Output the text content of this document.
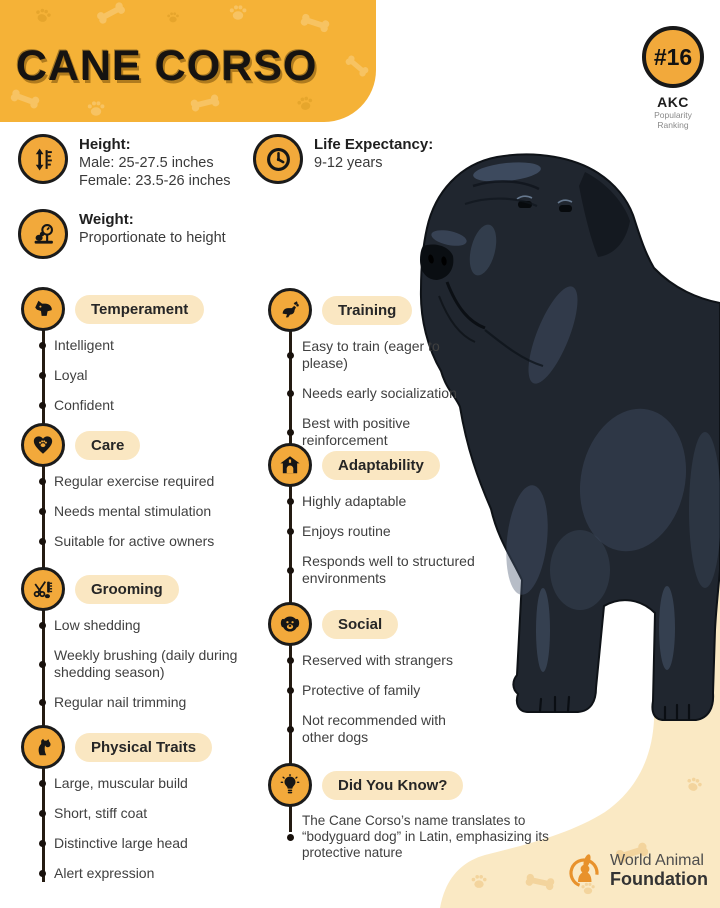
CANE CORSO	#16
AKC
Popularity
Ranking
Height:
Male: 25-27.5 inches
Female: 23.5-26 inches
Life Expectancy:
9-12 years
Weight:
Proportionate to height
Temperament
Intelligent
Loyal
Confident
Care
Regular exercise required
Needs mental stimulation
Suitable for active owners
Grooming
Low shedding
Weekly brushing (daily during shedding season)
Regular nail trimming
Physical Traits
Large, muscular build
Short, stiff coat
Distinctive large head
Alert expression
Training
Easy to train (eager to please)
Needs early socialization
Best with positive reinforcement
Adaptability
Highly adaptable
Enjoys routine
Responds well to structured environments
Social
Reserved with strangers
Protective of family
Not recommended with other dogs
Did You Know?
The Cane Corso’s name translates to “bodyguard dog” in Latin, emphasizing its protective nature	World Animal
Foundation
